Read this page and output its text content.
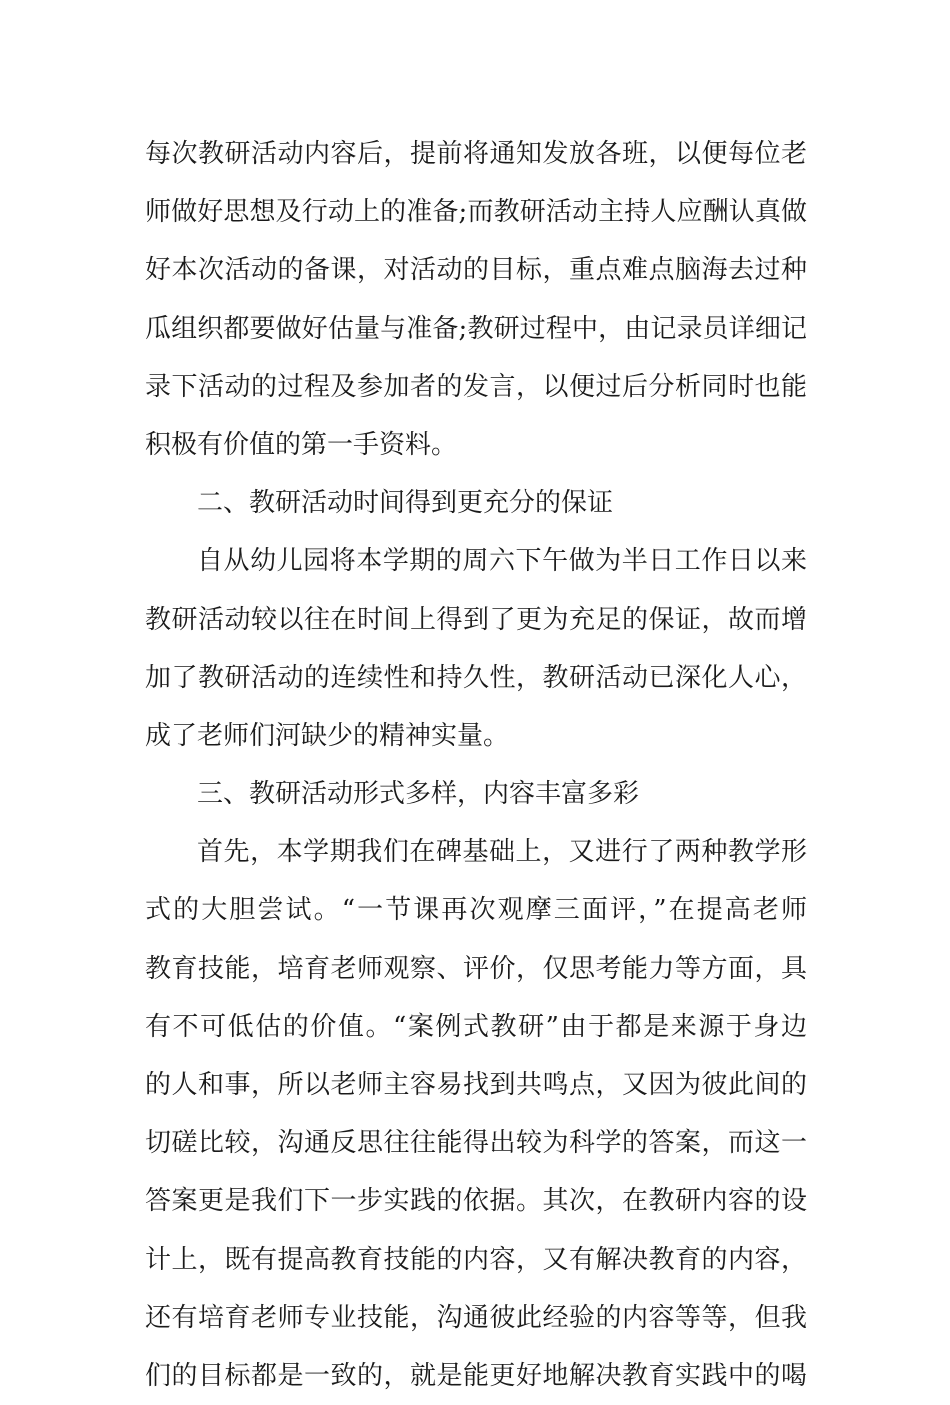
每次教研活动内容后，提前将通知发放各班，以便每位老
师做好思想及行动上的准备;而教研活动主持人应酬认真做
好本次活动的备课，对活动的目标，重点难点脑海去过种
瓜组织都要做好估量与准备;教研过程中，由记录员详细记
录下活动的过程及参加者的发言，以便过后分析同时也能
积极有价值的第一手资料。
二、教研活动时间得到更充分的保证
自从幼儿园将本学期的周六下午做为半日工作日以来
教研活动较以往在时间上得到了更为充足的保证，故而增
加了教研活动的连续性和持久性，教研活动已深化人心，
成了老师们河缺少的精神实量。
三、教研活动形式多样，内容丰富多彩
首先，本学期我们在碑基础上，又进行了两种教学形
式的大胆尝试。“一节课再次观摩三面评，”在提高老师
教育技能，培育老师观察、评价，仅思考能力等方面，具
有不可低估的价值。“案例式教研”由于都是来源于身边
的人和事，所以老师主容易找到共鸣点，又因为彼此间的
切磋比较，沟通反思往往能得出较为科学的答案，而这一
答案更是我们下一步实践的依据。其次，在教研内容的设
计上，既有提高教育技能的内容，又有解决教育的内容，
还有培育老师专业技能，沟通彼此经验的内容等等，但我
们的目标都是一致的，就是能更好地解决教育实践中的喝
